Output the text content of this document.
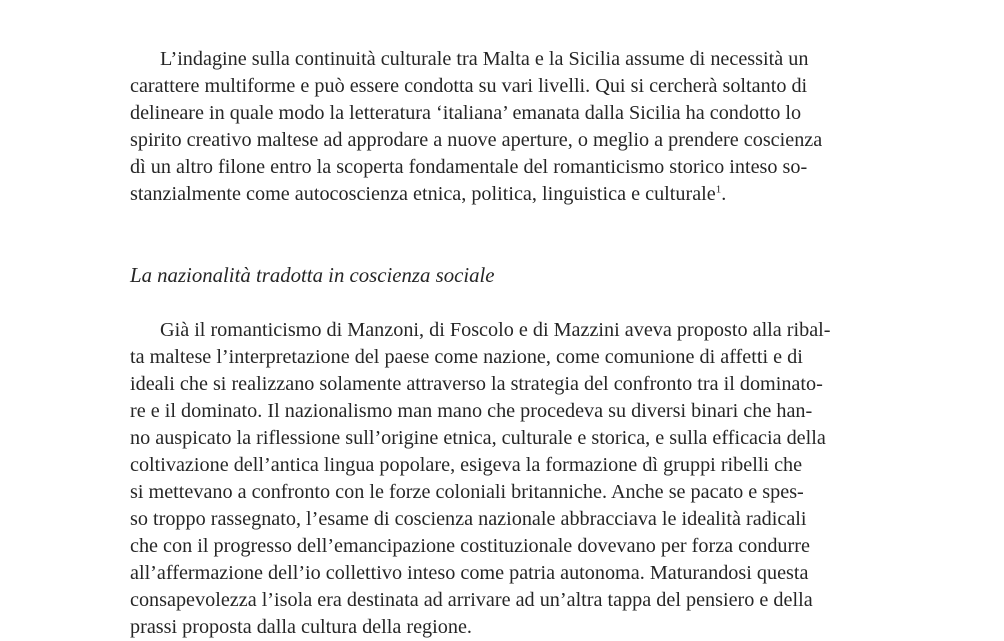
L’indagine sulla continuità culturale tra Malta e la Sicilia assume di necessità un
carattere multiforme e può essere condotta su vari livelli. Qui si cercherà soltanto di
delineare in quale modo la letteratura ‘italiana’ emanata dalla Sicilia ha condotto lo
spirito creativo maltese ad approdare a nuove aperture, o meglio a prendere coscienza
dì un altro filone entro la scoperta fondamentale del romanticismo storico inteso so-
stanzialmente come autocoscienza etnica, politica, linguistica e culturale$^1$.
La nazionalità tradotta in coscienza sociale
Già il romanticismo di Manzoni, di Foscolo e di Mazzini aveva proposto alla ribal-
ta maltese l’interpretazione del paese come nazione, come comunione di affetti e di
ideali che si realizzano solamente attraverso la strategia del confronto tra il dominato-
re e il dominato. Il nazionalismo man mano che procedeva su diversi binari che han-
no auspicato la riflessione sull’origine etnica, culturale e storica, e sulla efficacia della
coltivazione dell’antica lingua popolare, esigeva la formazione dì gruppi ribelli che
si mettevano a confronto con le forze coloniali britanniche. Anche se pacato e spes-
so troppo rassegnato, l’esame di coscienza nazionale abbracciava le idealità radicali
che con il progresso dell’emancipazione costituzionale dovevano per forza condurre
all’affermazione dell’io collettivo inteso come patria autonoma. Maturandosi questa
consapevolezza l’isola era destinata ad arrivare ad un’altra tappa del pensiero e della
prassi proposta dalla cultura della regione.
